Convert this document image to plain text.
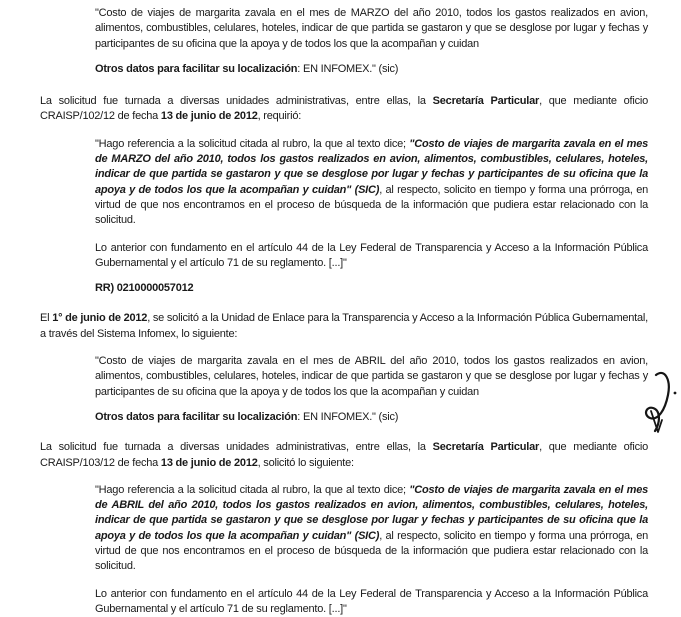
"Costo de viajes de margarita zavala en el mes de MARZO del año 2010, todos los gastos realizados en avion, alimentos, combustibles, celulares, hoteles, indicar de que partida se gastaron y que se desglose por lugar y fechas y participantes de su oficina que la apoya y de todos los que la acompañan y cuidan

Otros datos para facilitar su localización: EN INFOMEX." (sic)

La solicitud fue turnada a diversas unidades administrativas, entre ellas, la Secretaría Particular, que mediante oficio CRAISP/102/12 de fecha 13 de junio de 2012, requirió:

"Hago referencia a la solicitud citada al rubro, la que al texto dice; "Costo de viajes de margarita zavala en el mes de MARZO del año 2010, todos los gastos realizados en avion, alimentos, combustibles, celulares, hoteles, indicar de que partida se gastaron y que se desglose por lugar y fechas y participantes de su oficina que la apoya y de todos los que la acompañan y cuidan" (SIC), al respecto, solicito en tiempo y forma una prórroga, en virtud de que nos encontramos en el proceso de búsqueda de la información que pudiera estar relacionado con la solicitud.

Lo anterior con fundamento en el artículo 44 de la Ley Federal de Transparencia y Acceso a la Información Pública Gubernamental y el artículo 71 de su reglamento. [...]"

RR) 0210000057012

El 1° de junio de 2012, se solicitó a la Unidad de Enlace para la Transparencia y Acceso a la Información Pública Gubernamental, a través del Sistema Infomex, lo siguiente:

"Costo de viajes de margarita zavala en el mes de ABRIL del año 2010, todos los gastos realizados en avion, alimentos, combustibles, celulares, hoteles, indicar de que partida se gastaron y que se desglose por lugar y fechas y participantes de su oficina que la apoya y de todos los que la acompañan y cuidan

Otros datos para facilitar su localización: EN INFOMEX." (sic)

La solicitud fue turnada a diversas unidades administrativas, entre ellas, la Secretaría Particular, que mediante oficio CRAISP/103/12 de fecha 13 de junio de 2012, solicitó lo siguiente:

"Hago referencia a la solicitud citada al rubro, la que al texto dice; "Costo de viajes de margarita zavala en el mes de ABRIL del año 2010, todos los gastos realizados en avion, alimentos, combustibles, celulares, hoteles, indicar de que partida se gastaron y que se desglose por lugar y fechas y participantes de su oficina que la apoya y de todos los que la acompañan y cuidan" (SIC), al respecto, solicito en tiempo y forma una prórroga, en virtud de que nos encontramos en el proceso de búsqueda de la información que pudiera estar relacionado con la solicitud.

Lo anterior con fundamento en el artículo 44 de la Ley Federal de Transparencia y Acceso a la Información Pública Gubernamental y el artículo 71 de su reglamento. [...]"
